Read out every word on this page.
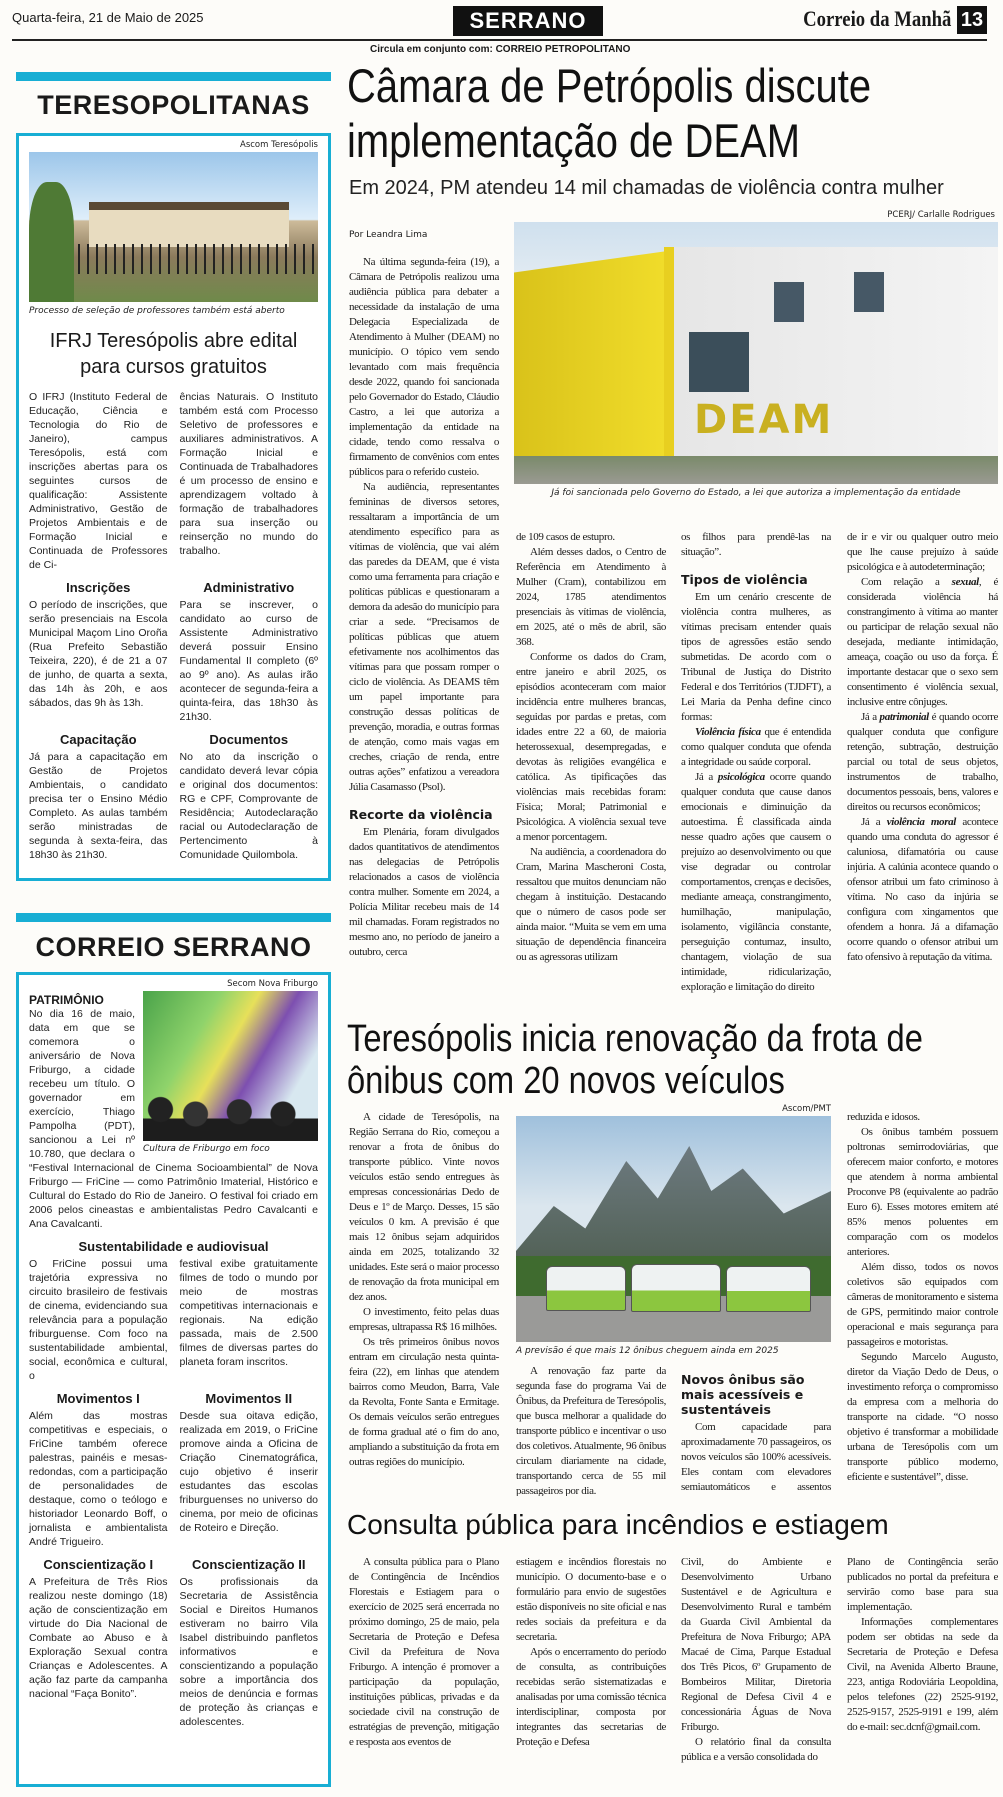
Quarta-feira, 21 de Maio de 2025	SERRANO	Correio da Manhã 13
Circula em conjunto com: CORREIO PETROPOLITANO
TERESOPOLITANAS
Ascom Teresópolis
Processo de seleção de professores também está aberto
IFRJ Teresópolis abre edital para cursos gratuitos
O IFRJ (Instituto Federal de Educação, Ciência e Tecnologia do Rio de Janeiro), campus Teresópolis, está com inscrições abertas para os seguintes cursos de qualificação: Assistente Administrativo, Gestão de Projetos Ambientais e de Formação Inicial e Continuada de Professores de Ci-
ências Naturais. O Instituto também está com Processo Seletivo de professores e auxiliares administrativos. A Formação Inicial e Continuada de Trabalhadores é um processo de ensino e aprendizagem voltado à formação de trabalhadores para sua inserção ou reinserção no mundo do trabalho.
Inscrições
O período de inscrições, que serão presenciais na Escola Municipal Maçom Lino Oroña (Rua Prefeito Sebastião Teixeira, 220), é de 21 a 07 de junho, de quarta a sexta, das 14h às 20h, e aos sábados, das 9h às 13h.
Administrativo
Para se inscrever, o candidato ao curso de Assistente Administrativo deverá possuir Ensino Fundamental II completo (6º ao 9º ano). As aulas irão acontecer de segunda-feira a quinta-feira, das 18h30 às 21h30.
Capacitação
Já para a capacitação em Gestão de Projetos Ambientais, o candidato precisa ter o Ensino Médio Completo. As aulas também serão ministradas de segunda à sexta-feira, das 18h30 às 21h30.
Documentos
No ato da inscrição o candidato deverá levar cópia e original dos documentos: RG e CPF, Comprovante de Residência; Autodeclaração racial ou Autodeclaração de Pertencimento à Comunidade Quilombola.
CORREIO SERRANO
Secom Nova Friburgo
Cultura de Friburgo em foco
PATRIMÔNIO
No dia 16 de maio, data em que se comemora o aniversário de Nova Friburgo, a cidade recebeu um título. O governador em exercício, Thiago Pampolha (PDT), sancionou a Lei nº 10.780, que declara o “Festival Internacional de Cinema Socioambiental” de Nova Friburgo — FriCine — como Patrimônio Imaterial, Histórico e Cultural do Estado do Rio de Janeiro. O festival foi criado em 2006 pelos cineastas e ambientalistas Pedro Cavalcanti e Ana Cavalcanti.
Sustentabilidade e audiovisual
O FriCine possui uma trajetória expressiva no circuito brasileiro de festivais de cinema, evidenciando sua relevância para a população friburguense. Com foco na sustentabilidade ambiental, social, econômica e cultural, o
festival exibe gratuitamente filmes de todo o mundo por meio de mostras competitivas internacionais e regionais. Na edição passada, mais de 2.500 filmes de diversas partes do planeta foram inscritos.
Movimentos I
Além das mostras competitivas e especiais, o FriCine também oferece palestras, painéis e mesas-redondas, com a participação de personalidades de destaque, como o teólogo e historiador Leonardo Boff, o jornalista e ambientalista André Trigueiro.
Movimentos II
Desde sua oitava edição, realizada em 2019, o FriCine promove ainda a Oficina de Criação Cinematográfica, cujo objetivo é inserir estudantes das escolas friburguenses no universo do cinema, por meio de oficinas de Roteiro e Direção.
Conscientização I
A Prefeitura de Três Rios realizou neste domingo (18) ação de conscientização em virtude do Dia Nacional de Combate ao Abuso e à Exploração Sexual contra Crianças e Adolescentes. A ação faz parte da campanha nacional “Faça Bonito”.
Conscientização II
Os profissionais da Secretaria de Assistência Social e Direitos Humanos estiveram no bairro Vila Isabel distribuindo panfletos informativos e conscientizando a população sobre a importância dos meios de denúncia e formas de proteção às crianças e adolescentes.
Câmara de Petrópolis discute implementação de DEAM
Em 2024, PM atendeu 14 mil chamadas de violência contra mulher
PCERJ/ Carlalle Rodrigues
Por Leandra Lima
DEAM
Já foi sancionada pelo Governo do Estado, a lei que autoriza a implementação da entidade

Na última segunda-feira (19), a Câmara de Petrópolis realizou uma audiência pública para debater a necessidade da instalação de uma Delegacia Especializada de Atendimento à Mulher (DEAM) no município. O tópico vem sendo levantado com mais frequência desde 2022, quando foi sancionada pelo Governador do Estado, Cláudio Castro, a lei que autoriza a implementação da entidade na cidade, tendo como ressalva o firmamento de convênios com entes públicos para o referido custeio.

Na audiência, representantes femininas de diversos setores, ressaltaram a importância de um atendimento específico para as vítimas de violência, que vai além das paredes da DEAM, que é vista como uma ferramenta para criação e políticas públicas e questionaram a demora da adesão do município para criar a sede. “Precisamos de políticas públicas que atuem efetivamente nos acolhimentos das vítimas para que possam romper o ciclo de violência. As DEAMS têm um papel importante para construção dessas políticas de prevenção, moradia, e outras formas de atenção, como mais vagas em creches, criação de renda, entre outras ações” enfatizou a vereadora Júlia Casamasso (Psol).

Recorte da violência

Em Plenária, foram divulgados dados quantitativos de atendimentos nas delegacias de Petrópolis relacionados a casos de violência contra mulher. Somente em 2024, a Polícia Militar recebeu mais de 14 mil chamadas. Foram registrados no mesmo ano, no período de janeiro a outubro, cerca

de 109 casos de estupro.

Além desses dados, o Centro de Referência em Atendimento à Mulher (Cram), contabilizou em 2024, 1785 atendimentos presenciais às vítimas de violência, em 2025, até o mês de abril, são 368.

Conforme os dados do Cram, entre janeiro e abril 2025, os episódios aconteceram com maior incidência entre mulheres brancas, seguidas por pardas e pretas, com idades entre 22 a 60, de maioria heterossexual, desempregadas, e devotas às religiões evangélica e católica. As tipificações das violências mais recebidas foram: Física; Moral; Patrimonial e Psicológica. A violência sexual teve a menor porcentagem.

Na audiência, a coordenadora do Cram, Marina Mascheroni Costa, ressaltou que muitos denunciam não chegam à instituição. Destacando que o número de casos pode ser ainda maior. “Muita se vem em uma situação de dependência financeira ou as agressoras utilizam

os filhos para prendê-las na situação”.

Tipos de violência

Em um cenário crescente de violência contra mulheres, as vítimas precisam entender quais tipos de agressões estão sendo submetidas. De acordo com o Tribunal de Justiça do Distrito Federal e dos Territórios (TJDFT), a Lei Maria da Penha define cinco formas:

Violência física que é entendida como qualquer conduta que ofenda a integridade ou saúde corporal.

Já a psicológica ocorre quando qualquer conduta que cause danos emocionais e diminuição da autoestima. É classificada ainda nesse quadro ações que causem o prejuízo ao desenvolvimento ou que vise degradar ou controlar comportamentos, crenças e decisões, mediante ameaça, constrangimento, humilhação, manipulação, isolamento, vigilância constante, perseguição contumaz, insulto, chantagem, violação de sua intimidade, ridicularização, exploração e limitação do direito

de ir e vir ou qualquer outro meio que lhe cause prejuízo à saúde psicológica e à autodeterminação;

Com relação a sexual, é considerada violência há constrangimento à vítima ao manter ou participar de relação sexual não desejada, mediante intimidação, ameaça, coação ou uso da força. É importante destacar que o sexo sem consentimento é violência sexual, inclusive entre cônjuges.

Já a patrimonial é quando ocorre qualquer conduta que configure retenção, subtração, destruição parcial ou total de seus objetos, instrumentos de trabalho, documentos pessoais, bens, valores e direitos ou recursos econômicos;

Já a violência moral acontece quando uma conduta do agressor é caluniosa, difamatória ou cause injúria. A calúnia acontece quando o ofensor atribui um fato criminoso à vítima. No caso da injúria se configura com xingamentos que ofendem a honra. Já a difamação ocorre quando o ofensor atribui um fato ofensivo à reputação da vítima.

Teresópolis inicia renovação da frota de ônibus com 20 novos veículos
Ascom/PMT
A previsão é que mais 12 ônibus cheguem ainda em 2025

A cidade de Teresópolis, na Região Serrana do Rio, começou a renovar a frota de ônibus do transporte público. Vinte novos veículos estão sendo entregues às empresas concessionárias Dedo de Deus e 1º de Março. Desses, 15 são veículos 0 km. A previsão é que mais 12 ônibus sejam adquiridos ainda em 2025, totalizando 32 unidades. Este será o maior processo de renovação da frota municipal em dez anos.

O investimento, feito pelas duas empresas, ultrapassa R$ 16 milhões.

Os três primeiros ônibus novos entram em circulação nesta quinta-feira (22), em linhas que atendem bairros como Meudon, Barra, Vale da Revolta, Fonte Santa e Ermitage. Os demais veículos serão entregues de forma gradual até o fim do ano, ampliando a substituição da frota em outras regiões do município.

A renovação faz parte da segunda fase do programa Vai de Ônibus, da Prefeitura de Teresópolis, que busca melhorar a qualidade do transporte público e incentivar o uso dos coletivos. Atualmente, 96 ônibus circulam diariamente na cidade, transportando cerca de 55 mil passageiros por dia.

Novos ônibus são mais acessíveis e sustentáveis

Com capacidade para aproximadamente 70 passageiros, os novos veículos são 100% acessíveis. Eles contam com elevadores semiautomáticos e assentos

reduzida e idosos.

Os ônibus também possuem poltronas semirrodoviárias, que oferecem maior conforto, e motores que atendem à norma ambiental Proconve P8 (equivalente ao padrão Euro 6). Esses motores emitem até 85% menos poluentes em comparação com os modelos anteriores.

Além disso, todos os novos coletivos são equipados com câmeras de monitoramento e sistema de GPS, permitindo maior controle operacional e mais segurança para passageiros e motoristas.

Segundo Marcelo Augusto, diretor da Viação Dedo de Deus, o investimento reforça o compromisso da empresa com a melhoria do transporte na cidade. “O nosso objetivo é transformar a mobilidade urbana de Teresópolis com um transporte público moderno, eficiente e sustentável”, disse.

Consulta pública para incêndios e estiagem

A consulta pública para o Plano de Contingência de Incêndios Florestais e Estiagem para o exercício de 2025 será encerrada no próximo domingo, 25 de maio, pela Secretaria de Proteção e Defesa Civil da Prefeitura de Nova Friburgo. A intenção é promover a participação da população, instituições públicas, privadas e da sociedade civil na construção de estratégias de prevenção, mitigação e resposta aos eventos de

estiagem e incêndios florestais no município. O documento-base e o formulário para envio de sugestões estão disponíveis no site oficial e nas redes sociais da prefeitura e da secretaria.

Após o encerramento do período de consulta, as contribuições recebidas serão sistematizadas e analisadas por uma comissão técnica interdisciplinar, composta por integrantes das secretarias de Proteção e Defesa

Civil, do Ambiente e Desenvolvimento Urbano Sustentável e de Agricultura e Desenvolvimento Rural e também da Guarda Civil Ambiental da Prefeitura de Nova Friburgo; APA Macaé de Cima, Parque Estadual dos Três Picos, 6º Grupamento de Bombeiros Militar, Diretoria Regional de Defesa Civil 4 e concessionária Águas de Nova Friburgo.

O relatório final da consulta pública e a versão consolidada do

Plano de Contingência serão publicados no portal da prefeitura e servirão como base para sua implementação.

Informações complementares podem ser obtidas na sede da Secretaria de Proteção e Defesa Civil, na Avenida Alberto Braune, 223, antiga Rodoviária Leopoldina, pelos telefones (22) 2525-9192, 2525-9157, 2525-9191 e 199, além do e-mail: sec.dcnf@gmail.com.
